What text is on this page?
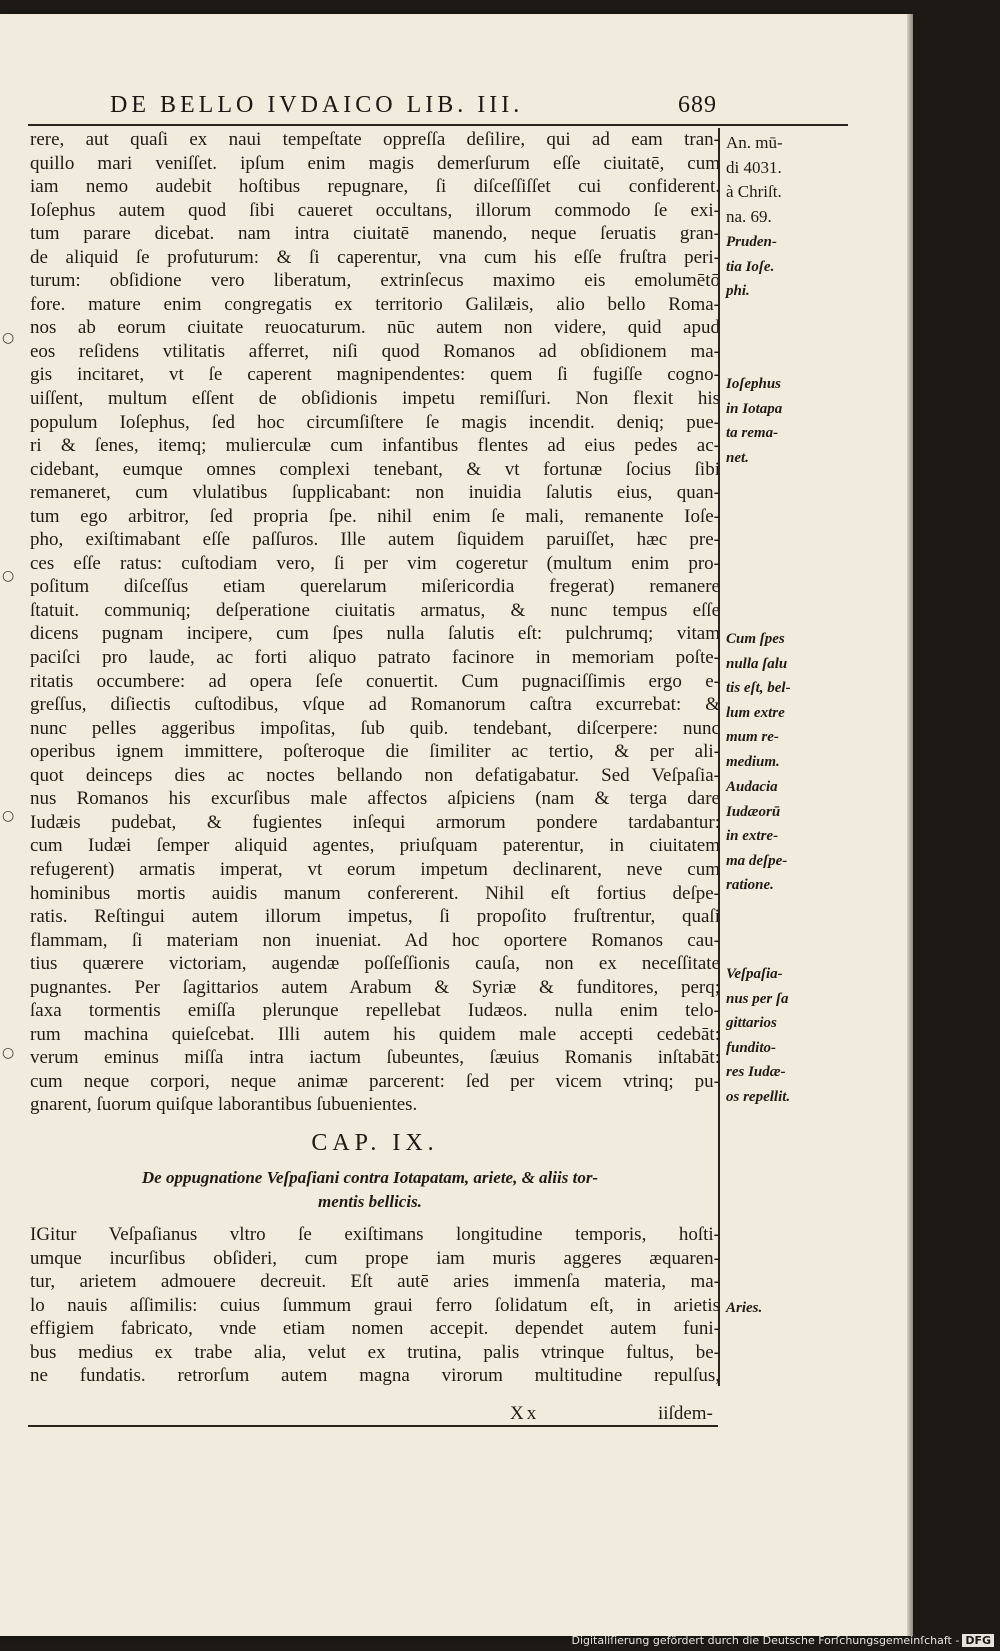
○
○
○
○
DE BELLO IVDAICO LIB. III.	689
rere, aut quaſi ex naui tempeſtate oppreſſa deſilire, qui ad eam tran-
quillo mari veniſſet. ipſum enim magis demerſurum eſſe ciuitatē, cum
iam nemo audebit hoſtibus repugnare, ſi diſceſſiſſet cui confiderent.
Ioſephus autem quod ſibi caueret occultans, illorum commodo ſe exi-
tum parare dicebat. nam intra ciuitatē manendo, neque ſeruatis gran-
de aliquid ſe profuturum: & ſi caperentur, vna cum his eſſe fruſtra peri-
turum: obſidione vero liberatum, extrinſecus maximo eis emolumētō
fore. mature enim congregatis ex territorio Galilæis, alio bello Roma-
nos ab eorum ciuitate reuocaturum. nūc autem non videre, quid apud
eos reſidens vtilitatis afferret, niſi quod Romanos ad obſidionem ma-
gis incitaret, vt ſe caperent magnipendentes: quem ſi fugiſſe cogno-
uiſſent, multum eſſent de obſidionis impetu remiſſuri. Non flexit his
populum Ioſephus, ſed hoc circumſiſtere ſe magis incendit. deniq; pue-
ri & ſenes, itemq; mulierculæ cum infantibus flentes ad eius pedes ac-
cidebant, eumque omnes complexi tenebant, & vt fortunæ ſocius ſibi
remaneret, cum vlulatibus ſupplicabant: non inuidia ſalutis eius, quan-
tum ego arbitror, ſed propria ſpe. nihil enim ſe mali, remanente Ioſe-
pho, exiſtimabant eſſe paſſuros. Ille autem ſiquidem paruiſſet, hæc pre-
ces eſſe ratus: cuſtodiam vero, ſi per vim cogeretur (multum enim pro-
poſitum diſceſſus etiam querelarum miſericordia fregerat) remanere
ſtatuit. communiq; deſperatione ciuitatis armatus, & nunc tempus eſſe
dicens pugnam incipere, cum ſpes nulla ſalutis eſt: pulchrumq; vitam
paciſci pro laude, ac forti aliquo patrato facinore in memoriam poſte-
ritatis occumbere: ad opera ſeſe conuertit. Cum pugnaciſſimis ergo e-
greſſus, diſiectis cuſtodibus, vſque ad Romanorum caſtra excurrebat: &
nunc pelles aggeribus impoſitas, ſub quib. tendebant, diſcerpere: nunc
operibus ignem immittere, poſteroque die ſimiliter ac tertio, & per ali-
quot deinceps dies ac noctes bellando non defatigabatur. Sed Veſpaſia-
nus Romanos his excurſibus male affectos aſpiciens (nam & terga dare
Iudæis pudebat, & fugientes inſequi armorum pondere tardabantur:
cum Iudæi ſemper aliquid agentes, priuſquam paterentur, in ciuitatem
refugerent) armatis imperat, vt eorum impetum declinarent, neve cum
hominibus mortis auidis manum confererent. Nihil eſt fortius deſpe-
ratis. Reſtingui autem illorum impetus, ſi propoſito fruſtrentur, quaſi
flammam, ſi materiam non inueniat. Ad hoc oportere Romanos cau-
tius quærere victoriam, augendæ poſſeſſionis cauſa, non ex neceſſitate
pugnantes. Per ſagittarios autem Arabum & Syriæ & funditores, perq;
ſaxa tormentis emiſſa plerunque repellebat Iudæos. nulla enim telo-
rum machina quieſcebat. Illi autem his quidem male accepti cedebāt:
verum eminus miſſa intra iactum ſubeuntes, ſæuius Romanis inſtabāt:
cum neque corpori, neque animæ parcerent: ſed per vicem vtrinq; pu-
gnarent, ſuorum quiſque laborantibus ſubuenientes.
CAP. IX.
De oppugnatione Veſpaſiani contra Iotapatam, ariete, & aliis tor-
mentis bellicis.
IGitur Veſpaſianus vltro ſe exiſtimans longitudine temporis, hoſti-
umque incurſibus obſideri, cum prope iam muris aggeres æquaren-
tur, arietem admouere decreuit. Eſt autē aries immenſa materia, ma-
lo nauis aſſimilis: cuius ſummum graui ferro ſolidatum eſt, in arietis
effigiem fabricato, vnde etiam nomen accepit. dependet autem funi-
bus medius ex trabe alia, velut ex trutina, palis vtrinque fultus, be-
ne fundatis. retrorſum autem magna virorum multitudine repulſus,
An. mū-
di 4031.
à Chriſt.
na. 69.
Pruden-
tia Ioſe.
phi.
Ioſephus
in Iotapa
ta rema-
net.
Cum ſpes
nulla ſalu
tis eſt, bel-
lum extre
mum re-
medium.
Audacia
Iudæorū
in extre-
ma deſpe-
ratione.
Veſpaſia-
nus per ſa
gittarios
fundito-
res Iudæ-
os repellit.
Aries.
Xx	iiſdem-
Digitaliſierung gefördert durch die Deutsche Forſchungsgemeinſchaft - DFG
